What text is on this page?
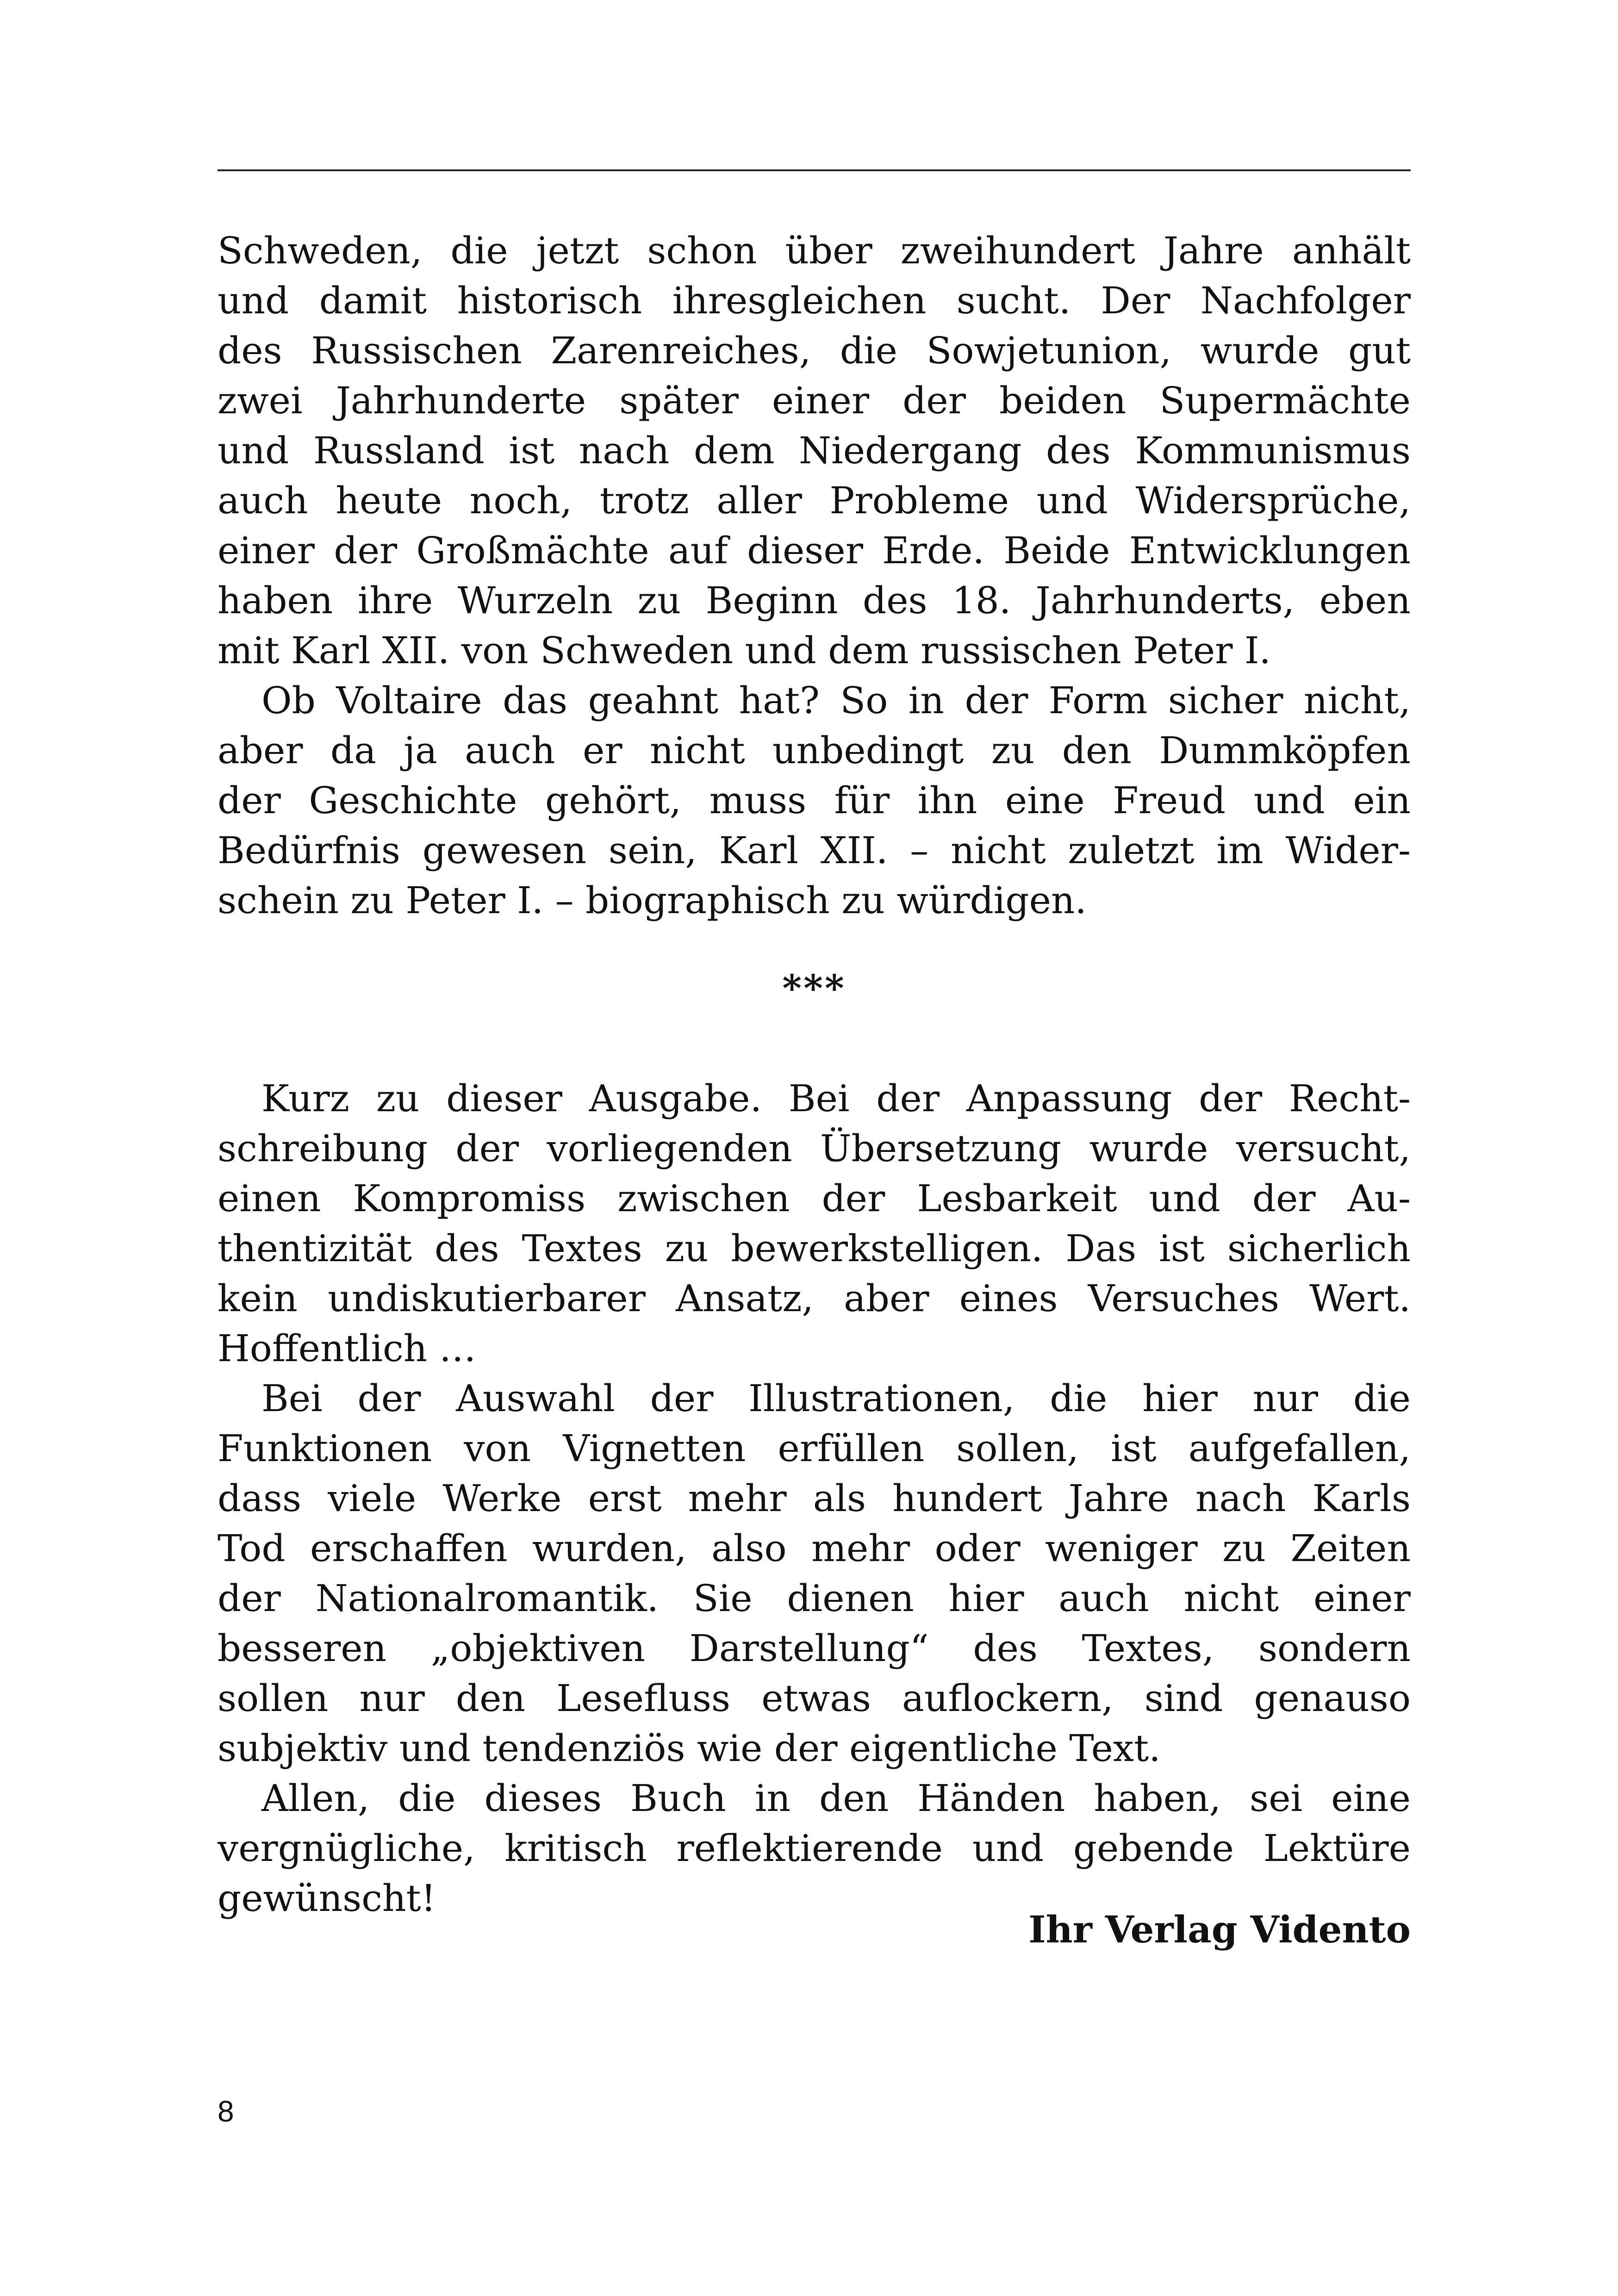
Schweden, die jetzt schon über zweihundert Jahre anhält
und damit historisch ihresgleichen sucht. Der Nachfolger
des Russischen Zarenreiches, die Sowjetunion, wurde gut
zwei Jahrhunderte später einer der beiden Supermächte
und Russland ist nach dem Niedergang des Kommunismus
auch heute noch, trotz aller Probleme und Widersprüche,
einer der Großmächte auf dieser Erde. Beide Entwicklungen
haben ihre Wurzeln zu Beginn des 18. Jahrhunderts, eben
mit Karl XII. von Schweden und dem russischen Peter I.
Ob Voltaire das geahnt hat? So in der Form sicher nicht,
aber da ja auch er nicht unbedingt zu den Dummköpfen
der Geschichte gehört, muss für ihn eine Freud und ein
Bedürfnis gewesen sein, Karl XII. – nicht zuletzt im Wider-
schein zu Peter I. – biographisch zu würdigen.
***
Kurz zu dieser Ausgabe. Bei der Anpassung der Recht-
schreibung der vorliegenden Übersetzung wurde versucht,
einen Kompromiss zwischen der Lesbarkeit und der Au-
thentizität des Textes zu bewerkstelligen. Das ist sicherlich
kein undiskutierbarer Ansatz, aber eines Versuches Wert.
Hoffentlich …
Bei der Auswahl der Illustrationen, die hier nur die
Funktionen von Vignetten erfüllen sollen, ist aufgefallen,
dass viele Werke erst mehr als hundert Jahre nach Karls
Tod erschaffen wurden, also mehr oder weniger zu Zeiten
der Nationalromantik. Sie dienen hier auch nicht einer
besseren „objektiven Darstellung“ des Textes, sondern
sollen nur den Lesefluss etwas auflockern, sind genauso
subjektiv und tendenziös wie der eigentliche Text.
Allen, die dieses Buch in den Händen haben, sei eine
vergnügliche, kritisch reflektierende und gebende Lektüre
gewünscht!
Ihr Verlag Vidento
8
